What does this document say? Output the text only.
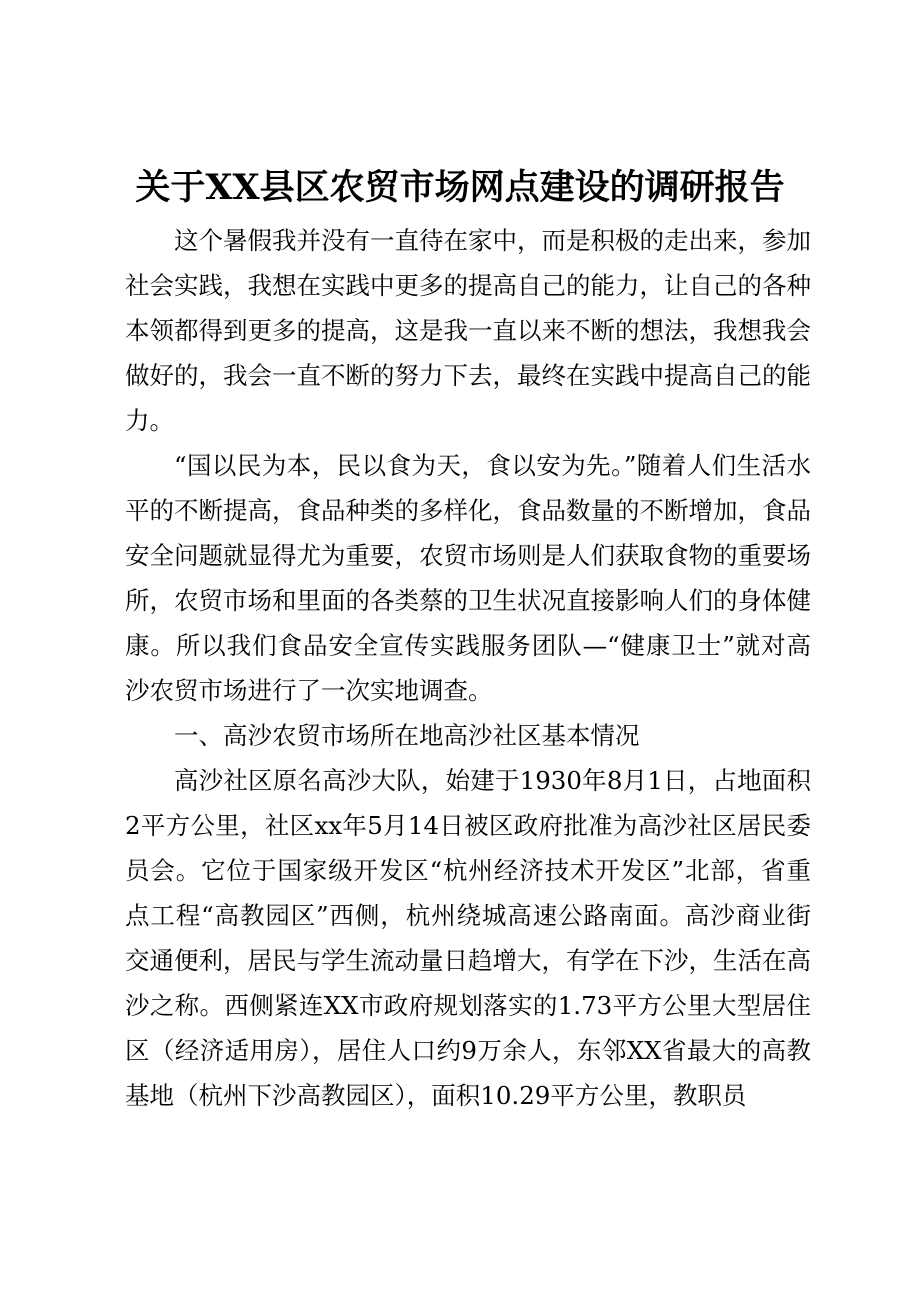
关于XX县区农贸市场网点建设的调研报告

这个暑假我并没有一直待在家中，而是积极的走出来，参加社会实践，我想在实践中更多的提高自己的能力，让自己的各种本领都得到更多的提高，这是我一直以来不断的想法，我想我会做好的，我会一直不断的努力下去，最终在实践中提高自己的能力。

“国以民为本，民以食为天，食以安为先。”随着人们生活水平的不断提高，食品种类的多样化，食品数量的不断增加，食品安全问题就显得尤为重要，农贸市场则是人们获取食物的重要场所，农贸市场和里面的各类蔡的卫生状况直接影响人们的身体健康。所以我们食品安全宣传实践服务团队—“健康卫士”就对高沙农贸市场进行了一次实地调查。

一、高沙农贸市场所在地高沙社区基本情况

高沙社区原名高沙大队，始建于1930年8月1日，占地面积2平方公里，社区xx年5月14日被区政府批准为高沙社区居民委员会。它位于国家级开发区“杭州经济技术开发区”北部，省重点工程“高教园区”西侧，杭州绕城高速公路南面。高沙商业街交通便利，居民与学生流动量日趋增大，有学在下沙，生活在高沙之称。西侧紧连XX市政府规划落实的1.73平方公里大型居住区（经济适用房），居住人口约9万余人，东邻XX省最大的高教基地（杭州下沙高教园区），面积10.29平方公里，教职员
